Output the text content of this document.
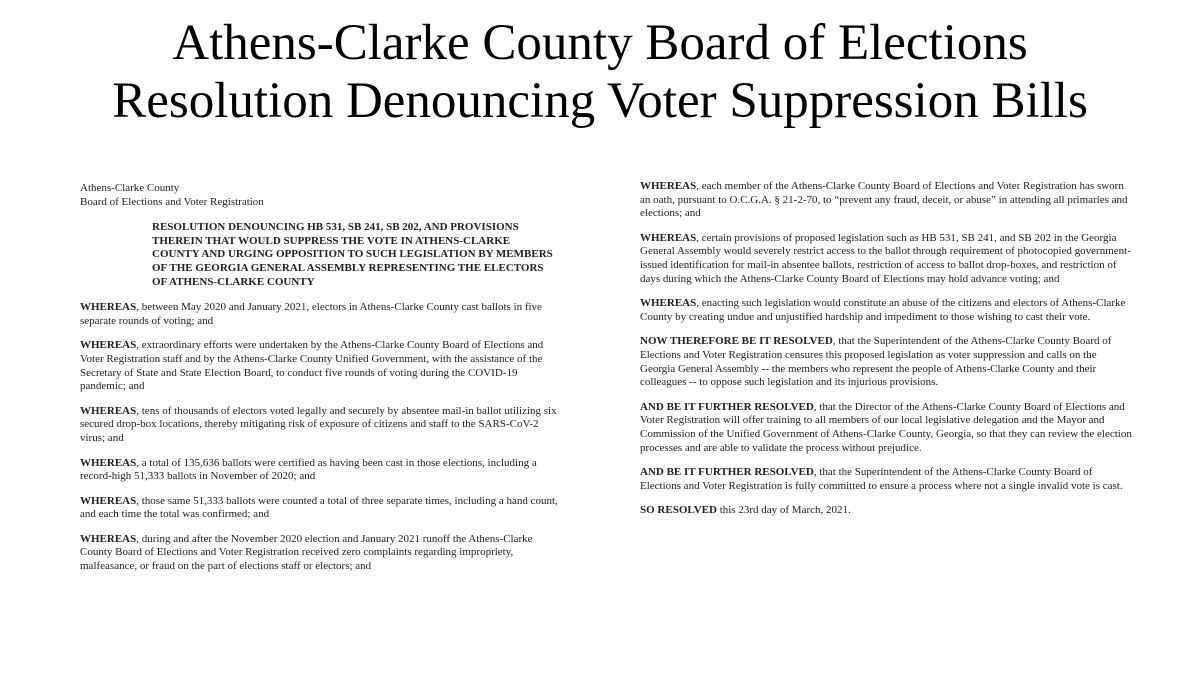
Athens-Clarke County Board of Elections
Resolution Denouncing Voter Suppression Bills
Athens-Clarke County
Board of Elections and Voter Registration
RESOLUTION DENOUNCING HB 531, SB 241, SB 202, AND PROVISIONS THEREIN THAT WOULD SUPPRESS THE VOTE IN ATHENS-CLARKE COUNTY AND URGING OPPOSITION TO SUCH LEGISLATION BY MEMBERS OF THE GEORGIA GENERAL ASSEMBLY REPRESENTING THE ELECTORS OF ATHENS-CLARKE COUNTY

WHEREAS, between May 2020 and January 2021, electors in Athens-Clarke County cast ballots in five separate rounds of voting; and

WHEREAS, extraordinary efforts were undertaken by the Athens-Clarke County Board of Elections and Voter Registration staff and by the Athens-Clarke County Unified Government, with the assistance of the Secretary of State and State Election Board, to conduct five rounds of voting during the COVID-19 pandemic; and

WHEREAS, tens of thousands of electors voted legally and securely by absentee mail-in ballot utilizing six secured drop-box locations, thereby mitigating risk of exposure of citizens and staff to the SARS-CoV-2 virus; and

WHEREAS, a total of 135,636 ballots were certified as having been cast in those elections, including a record-high 51,333 ballots in November of 2020; and

WHEREAS, those same 51,333 ballots were counted a total of three separate times, including a hand count, and each time the total was confirmed; and

WHEREAS, during and after the November 2020 election and January 2021 runoff the Athens-Clarke County Board of Elections and Voter Registration received zero complaints regarding impropriety, malfeasance, or fraud on the part of elections staff or electors; and

WHEREAS, each member of the Athens-Clarke County Board of Elections and Voter Registration has sworn an oath, pursuant to O.C.G.A. § 21-2-70, to “prevent any fraud, deceit, or abuse” in attending all primaries and elections; and

WHEREAS, certain provisions of proposed legislation such as HB 531, SB 241, and SB 202 in the Georgia General Assembly would severely restrict access to the ballot through requirement of photocopied government-issued identification for mail-in absentee ballots, restriction of access to ballot drop-boxes, and restriction of days during which the Athens-Clarke County Board of Elections may hold advance voting; and

WHEREAS, enacting such legislation would constitute an abuse of the citizens and electors of Athens-Clarke County by creating undue and unjustified hardship and impediment to those wishing to cast their vote.

NOW THEREFORE BE IT RESOLVED, that the Superintendent of the Athens-Clarke County Board of Elections and Voter Registration censures this proposed legislation as voter suppression and calls on the Georgia General Assembly -- the members who represent the people of Athens-Clarke County and their colleagues -- to oppose such legislation and its injurious provisions.

AND BE IT FURTHER RESOLVED, that the Director of the Athens-Clarke County Board of Elections and Voter Registration will offer training to all members of our local legislative delegation and the Mayor and Commission of the Unified Government of Athens-Clarke County, Georgia, so that they can review the election processes and are able to validate the process without prejudice.

AND BE IT FURTHER RESOLVED, that the Superintendent of the Athens-Clarke County Board of Elections and Voter Registration is fully committed to ensure a process where not a single invalid vote is cast.

SO RESOLVED this 23rd day of March, 2021.
